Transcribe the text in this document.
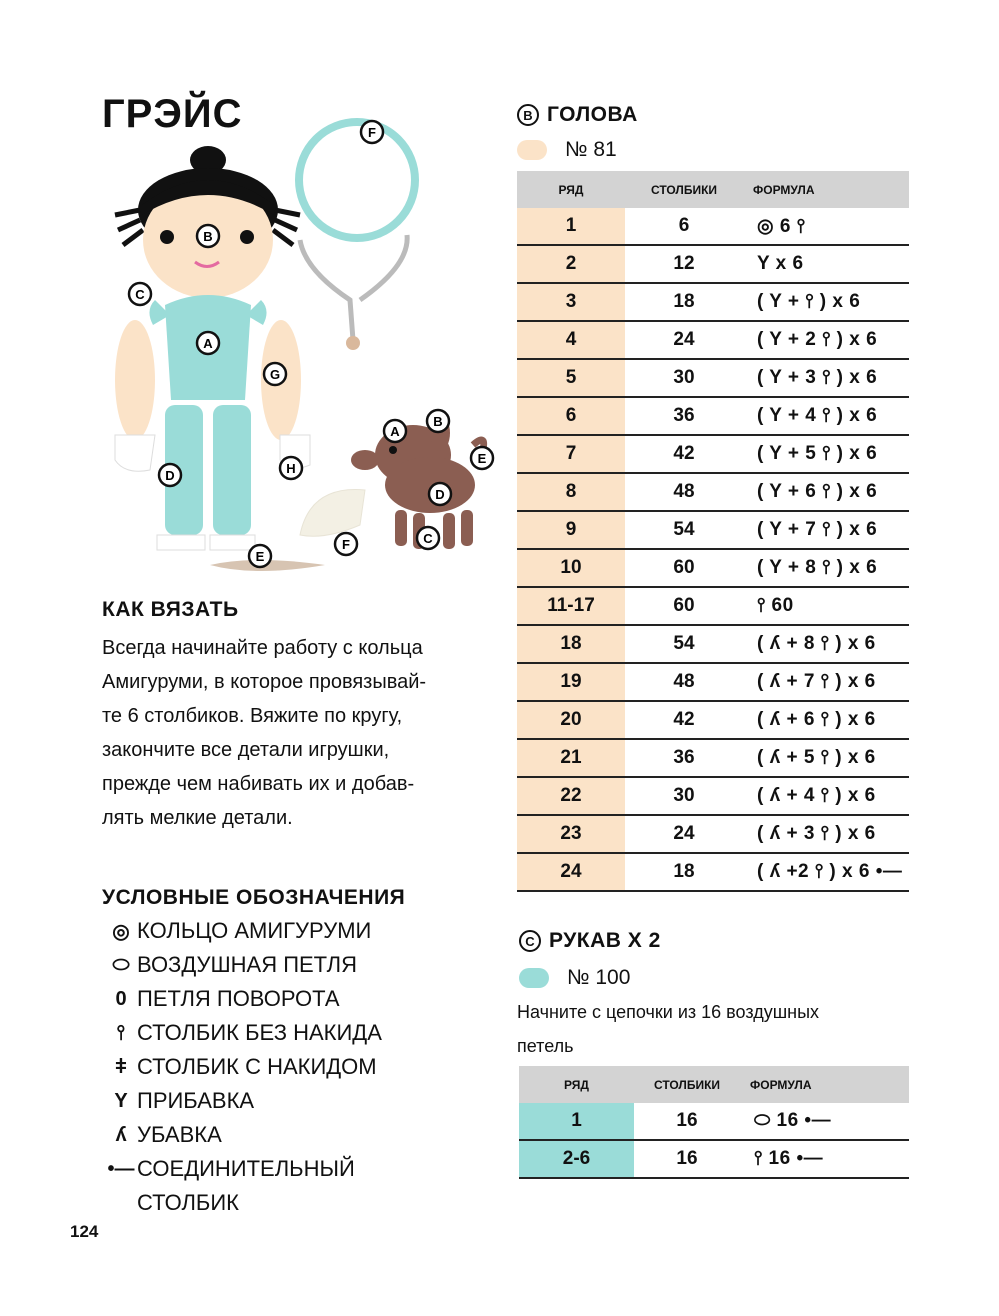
ГРЭЙС	F
B
C
A
G
D	H
E
F
A
B
E
D
C
КАК ВЯЗАТЬ
Всегда начинайте работу с кольца
Амигуруми, в которое провязывай-
те 6 столбиков. Вяжите по кругу,
закончите все детали игрушки,
прежде чем набивать их и добав-
лять мелкие детали.
УСЛОВНЫЕ ОБОЗНАЧЕНИЯ
◎ КОЛЬЦО АМИГУРУМИ
⬭ ВОЗДУШНАЯ ПЕТЛЯ
0 ПЕТЛЯ ПОВОРОТА
⫯ СТОЛБИК БЕЗ НАКИДА
ǂ СТОЛБИК С НАКИДОМ
Y ПРИБАВКА
ʎ УБАВКА
•— СОЕДИНИТЕЛЬНЫЙ
СТОЛБИК
124
B ГОЛОВА
№ 81
РЯД	СТОЛБИКИ	ФОРМУЛА
1	6	◎ 6 ⫯
2	12	Y x 6
3	18	( Y + ⫯ ) x 6
4	24	( Y + 2 ⫯ ) x 6
5	30	( Y + 3 ⫯ ) x 6
6	36	( Y + 4 ⫯ ) x 6
7	42	( Y + 5 ⫯ ) x 6
8	48	( Y + 6 ⫯ ) x 6
9	54	( Y + 7 ⫯ ) x 6
10	60	( Y + 8 ⫯ ) x 6
11-17	60	⫯ 60
18	54	( ʎ + 8 ⫯ ) x 6
19	48	( ʎ + 7 ⫯ ) x 6
20	42	( ʎ + 6 ⫯ ) x 6
21	36	( ʎ + 5 ⫯ ) x 6
22	30	( ʎ + 4 ⫯ ) x 6
23	24	( ʎ + 3 ⫯ ) x 6
24	18	( ʎ +2 ⫯ ) x 6 •—
C РУКАВ X 2
№ 100
Начните с цепочки из 16 воздушных
петель
РЯД	СТОЛБИКИ	ФОРМУЛА
1	16	⬭ 16 •—
2-6	16	⫯ 16 •—
